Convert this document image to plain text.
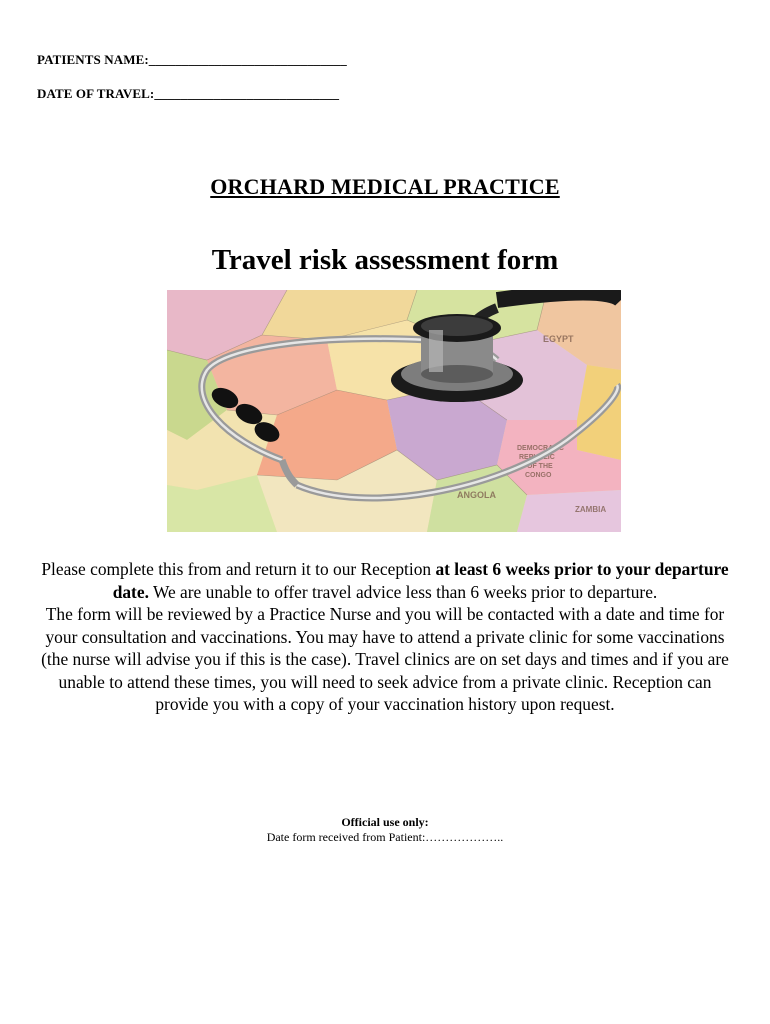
PATIENTS NAME:______________________________
DATE OF TRAVEL:____________________________
ORCHARD MEDICAL PRACTICE
Travel risk assessment form
EGYPT
DEMOCRATIC
REPUBLIC
OF THE
CONGO
ANGOLA
ZAMBIA

Please complete this from and return it to our Reception at least 6 weeks prior to your departure date. We are unable to offer travel advice less than 6 weeks prior to departure.

The form will be reviewed by a Practice Nurse and you will be contacted with a date and time for your consultation and vaccinations. You may have to attend a private clinic for some vaccinations (the nurse will advise you if this is the case). Travel clinics are on set days and times and if you are unable to attend these times, you will need to seek advice from a private clinic. Reception can provide you with a copy of your vaccination history upon request.

Official use only:
Date form received from Patient:………………..
